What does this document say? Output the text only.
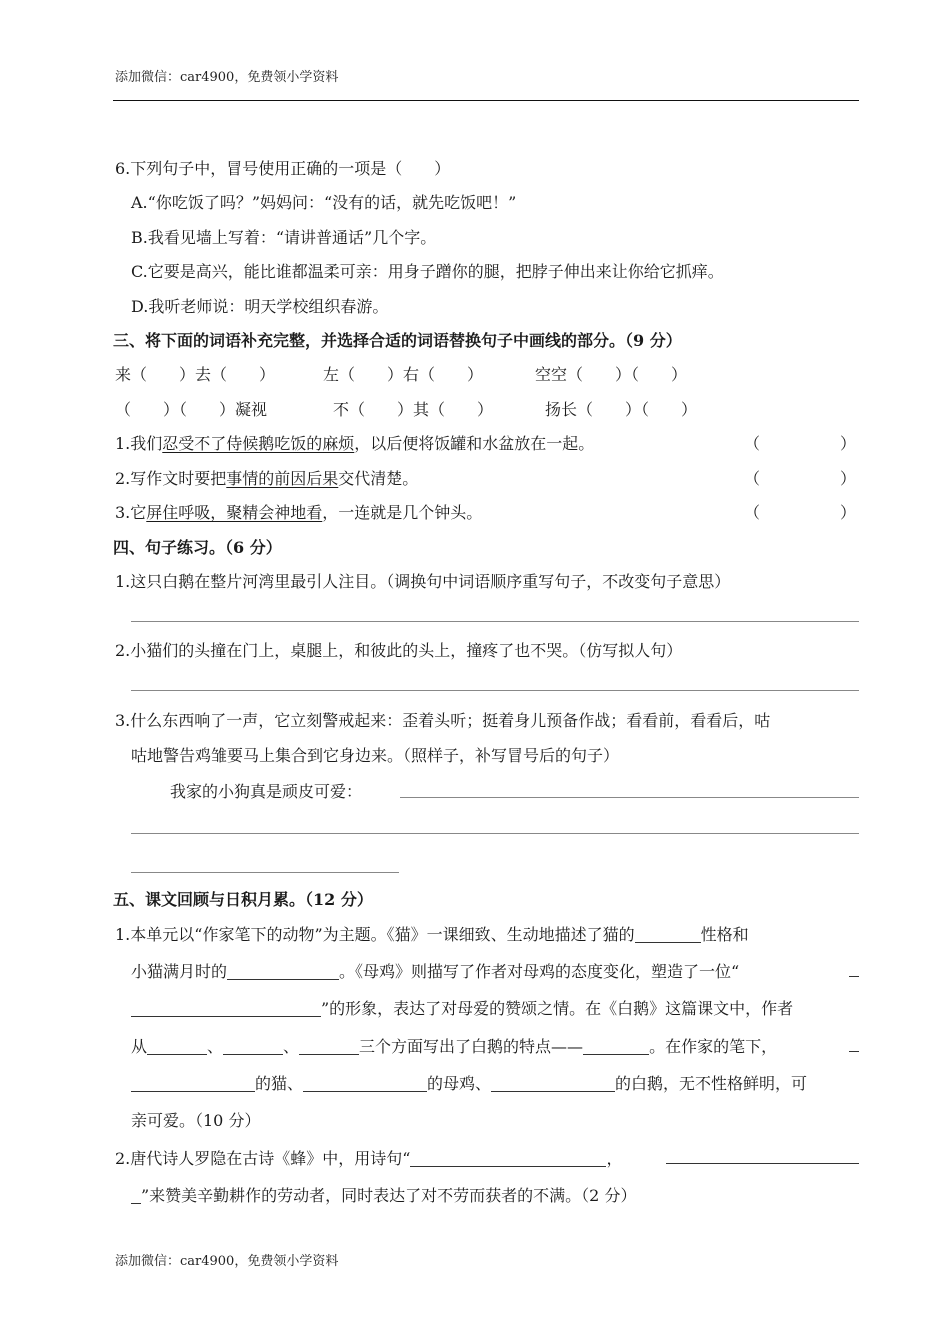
添加微信：car4900，免费领小学资料
6.下列句子中，冒号使用正确的一项是（　　）
A.“你吃饭了吗？”妈妈问：“没有的话，就先吃饭吧！”
B.我看见墙上写着：“请讲普通话”几个字。
C.它要是高兴，能比谁都温柔可亲：用身子蹭你的腿，把脖子伸出来让你给它抓痒。
D.我听老师说：明天学校组织春游。
三、将下面的词语补充完整，并选择合适的词语替换句子中画线的部分。（9 分）
来（　　）去（　　）	左（　　）右（　　）	空空（　　）（　　）
（　　）（　　）凝视	不（　　）其（　　）	扬长（　　）（　　）
1.我们忍受不了侍候鹅吃饭的麻烦，以后便将饭罐和水盆放在一起。	（　　　　　）
2.写作文时要把事情的前因后果交代清楚。	（　　　　　）
3.它屏住呼吸，聚精会神地看，一连就是几个钟头。	（　　　　　）
四、句子练习。（6 分）
1.这只白鹅在整片河湾里最引人注目。（调换句中词语顺序重写句子，不改变句子意思）
2.小猫们的头撞在门上，桌腿上，和彼此的头上，撞疼了也不哭。（仿写拟人句）
3.什么东西响了一声，它立刻警戒起来：歪着头听；挺着身儿预备作战；看看前，看看后，咕
咕地警告鸡雏要马上集合到它身边来。（照样子，补写冒号后的句子）
我家的小狗真是顽皮可爱：
五、课文回顾与日积月累。（12 分）
1.本单元以“作家笔下的动物”为主题。《猫》一课细致、生动地描述了猫的	性格和
小猫满月时的	。《母鸡》则描写了作者对母鸡的态度变化，塑造了一位“
”的形象，表达了对母爱的赞颂之情。在《白鹅》这篇课文中，作者
从	、	、	三个方面写出了白鹅的特点——	。在作家的笔下，
的猫、	的母鸡、	的白鹅，无不性格鲜明，可
亲可爱。（10 分）
2.唐代诗人罗隐在古诗《蜂》中，用诗句“	，
”来赞美辛勤耕作的劳动者，同时表达了对不劳而获者的不满。（2 分）
添加微信：car4900，免费领小学资料
